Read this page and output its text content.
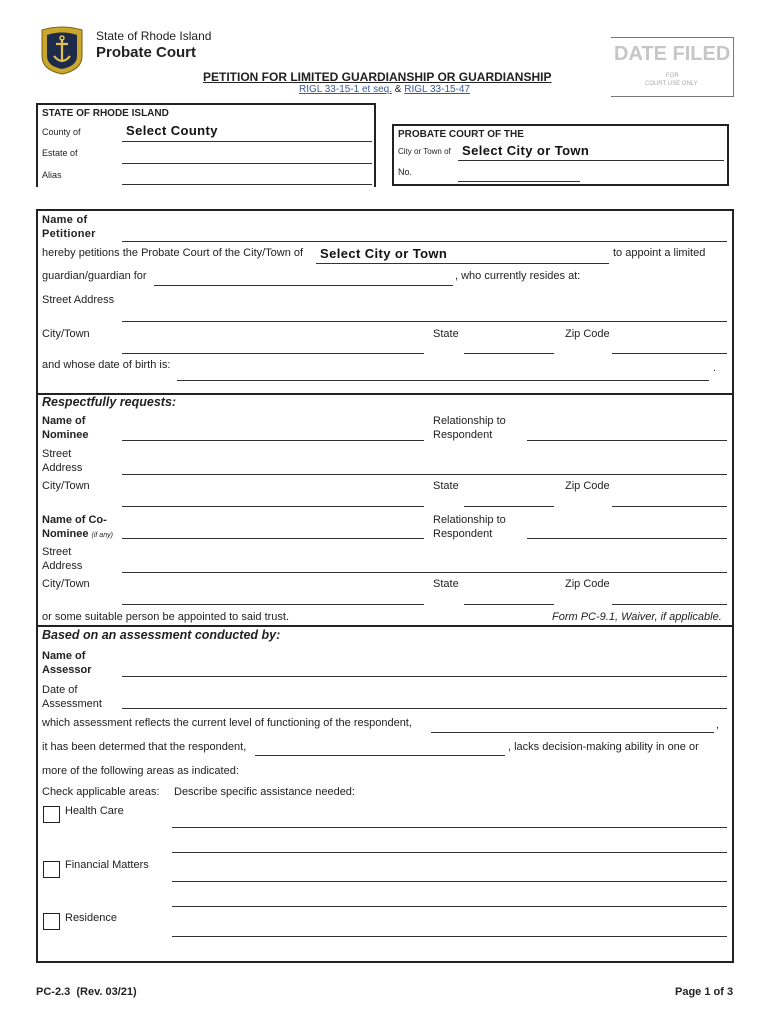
State of Rhode Island
Probate Court
PETITION FOR LIMITED GUARDIANSHIP OR GUARDIANSHIP
RIGL 33-15-1 et seq. & RIGL 33-15-47
DATE FILED
FOR
COURT USE ONLY
STATE OF RHODE ISLAND
County of	Select County
Estate of
Alias
PROBATE COURT OF THE
City or Town of Select City or Town
No.
Name of
Petitioner
hereby petitions the Probate Court of the City/Town of Select City or Town	to appoint a limited
guardian/guardian for	, who currently resides at:
Street Address
City/Town	State	Zip Code
and whose date of birth is:	.
Respectfully requests:
Name of
Nominee
Relationship to
Respondent
Street
Address
City/Town	State	Zip Code
Name of Co-
Nominee (if any)
Relationship to
Respondent
Street
Address
City/Town	State	Zip Code
or some suitable person be appointed to said trust.	Form PC-9.1, Waiver, if applicable.
Based on an assessment conducted by:
Name of
Assessor
Date of
Assessment
which assessment reflects the current level of functioning of the respondent,	,
it has been determed that the respondent,	, lacks decision-making ability in one or
more of the following areas as indicated:
Check applicable areas: Describe specific assistance needed:
Health Care
Financial Matters
Residence
PC-2.3  (Rev. 03/21)	Page 1 of 3
